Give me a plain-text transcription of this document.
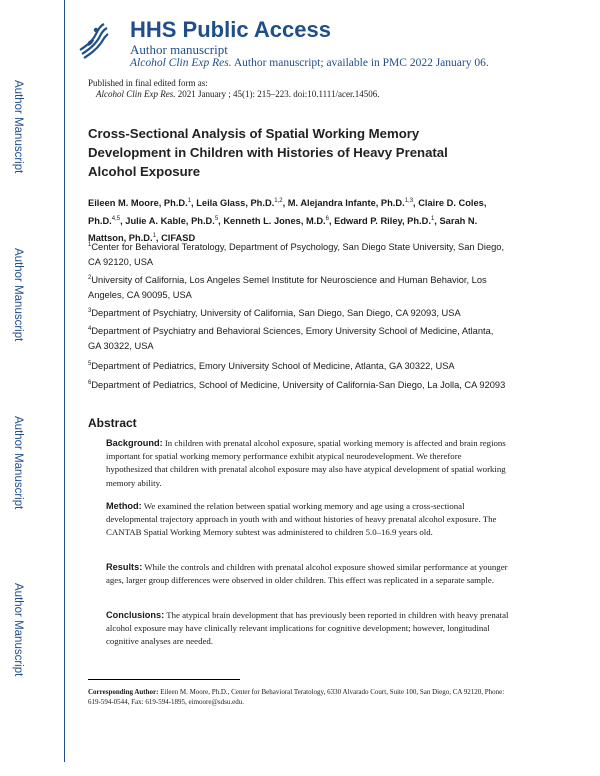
Author Manuscript
Author Manuscript
Author Manuscript
Author Manuscript
HHS Public Access
Author manuscript
Alcohol Clin Exp Res. Author manuscript; available in PMC 2022 January 06.
Published in final edited form as:
Alcohol Clin Exp Res. 2021 January ; 45(1): 215–223. doi:10.1111/acer.14506.
Cross-Sectional Analysis of Spatial Working Memory Development in Children with Histories of Heavy Prenatal Alcohol Exposure
Eileen M. Moore, Ph.D.$^1$, Leila Glass, Ph.D.$^{1,2}$, M. Alejandra Infante, Ph.D.$^{1,3}$, Claire D. Coles, Ph.D.$^{4,5}$, Julie A. Kable, Ph.D.$^5$, Kenneth L. Jones, M.D.$^6$, Edward P. Riley, Ph.D.$^1$, Sarah N. Mattson, Ph.D.$^1$, CIFASD
$^1$Center for Behavioral Teratology, Department of Psychology, San Diego State University, San Diego, CA 92120, USA
$^2$University of California, Los Angeles Semel Institute for Neuroscience and Human Behavior, Los Angeles, CA 90095, USA
$^3$Department of Psychiatry, University of California, San Diego, San Diego, CA 92093, USA
$^4$Department of Psychiatry and Behavioral Sciences, Emory University School of Medicine, Atlanta, GA 30322, USA
$^5$Department of Pediatrics, Emory University School of Medicine, Atlanta, GA 30322, USA
$^6$Department of Pediatrics, School of Medicine, University of California-San Diego, La Jolla, CA 92093
Abstract
Background: In children with prenatal alcohol exposure, spatial working memory is affected and brain regions important for spatial working memory performance exhibit atypical neurodevelopment. We therefore hypothesized that children with prenatal alcohol exposure may also have atypical development of spatial working memory ability.
Method: We examined the relation between spatial working memory and age using a cross-sectional developmental trajectory approach in youth with and without histories of heavy prenatal alcohol exposure. The CANTAB Spatial Working Memory subtest was administered to children 5.0–16.9 years old.
Results: While the controls and children with prenatal alcohol exposure showed similar performance at younger ages, larger group differences were observed in older children. This effect was replicated in a separate sample.
Conclusions: The atypical brain development that has previously been reported in children with heavy prenatal alcohol exposure may have clinically relevant implications for cognitive development; however, longitudinal cognitive analyses are needed.
Corresponding Author: Eileen M. Moore, Ph.D., Center for Behavioral Teratology, 6330 Alvarado Court, Suite 100, San Diego, CA 92120, Phone: 619-594-0544, Fax: 619-594-1895, eimoore@sdsu.edu.
